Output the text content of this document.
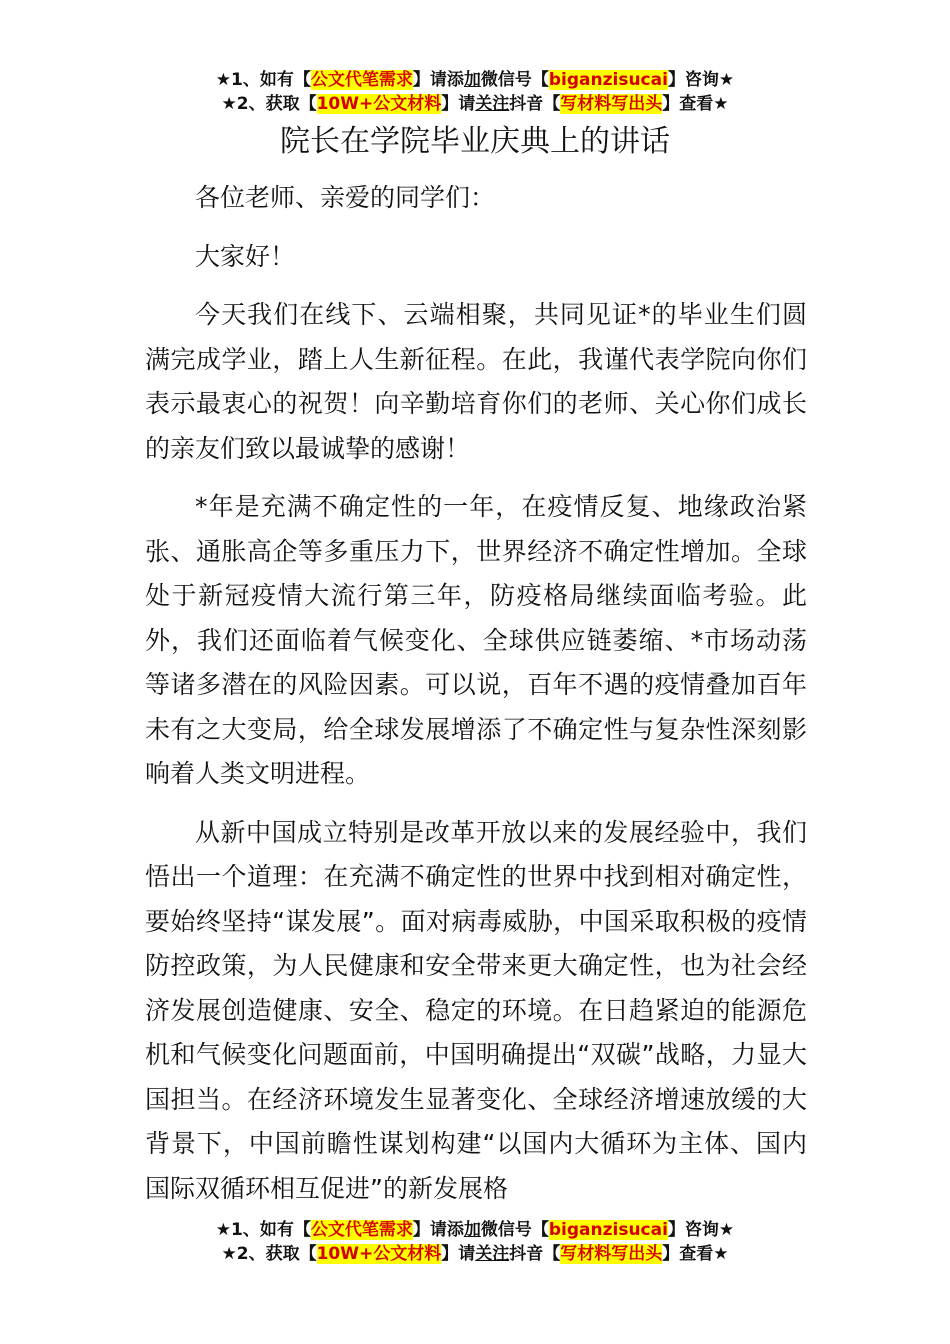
★1、如有【公文代笔需求】请添加微信号【biganzisucai】咨询★
★2、获取【10W+公文材料】请关注抖音【写材料写出头】查看★
院长在学院毕业庆典上的讲话

各位老师、亲爱的同学们：

大家好！

今天我们在线下、云端相聚，共同见证*的毕业生们圆满完成学业，踏上人生新征程。在此，我谨代表学院向你们表示最衷心的祝贺！向辛勤培育你们的老师、关心你们成长的亲友们致以最诚挚的感谢！

*年是充满不确定性的一年，在疫情反复、地缘政治紧张、通胀高企等多重压力下，世界经济不确定性增加。全球处于新冠疫情大流行第三年，防疫格局继续面临考验。此外，我们还面临着气候变化、全球供应链萎缩、*市场动荡等诸多潜在的风险因素。可以说，百年不遇的疫情叠加百年未有之大变局，给全球发展增添了不确定性与复杂性深刻影响着人类文明进程。

从新中国成立特别是改革开放以来的发展经验中，我们悟出一个道理：在充满不确定性的世界中找到相对确定性，要始终坚持“谋发展”。面对病毒威胁，中国采取积极的疫情防控政策，为人民健康和安全带来更大确定性，也为社会经济发展创造健康、安全、稳定的环境。在日趋紧迫的能源危机和气候变化问题面前，中国明确提出“双碳”战略，力显大国担当。在经济环境发生显著变化、全球经济增速放缓的大背景下，中国前瞻性谋划构建“以国内大循环为主体、国内国际双循环相互促进”的新发展格

★1、如有【公文代笔需求】请添加微信号【biganzisucai】咨询★
★2、获取【10W+公文材料】请关注抖音【写材料写出头】查看★
